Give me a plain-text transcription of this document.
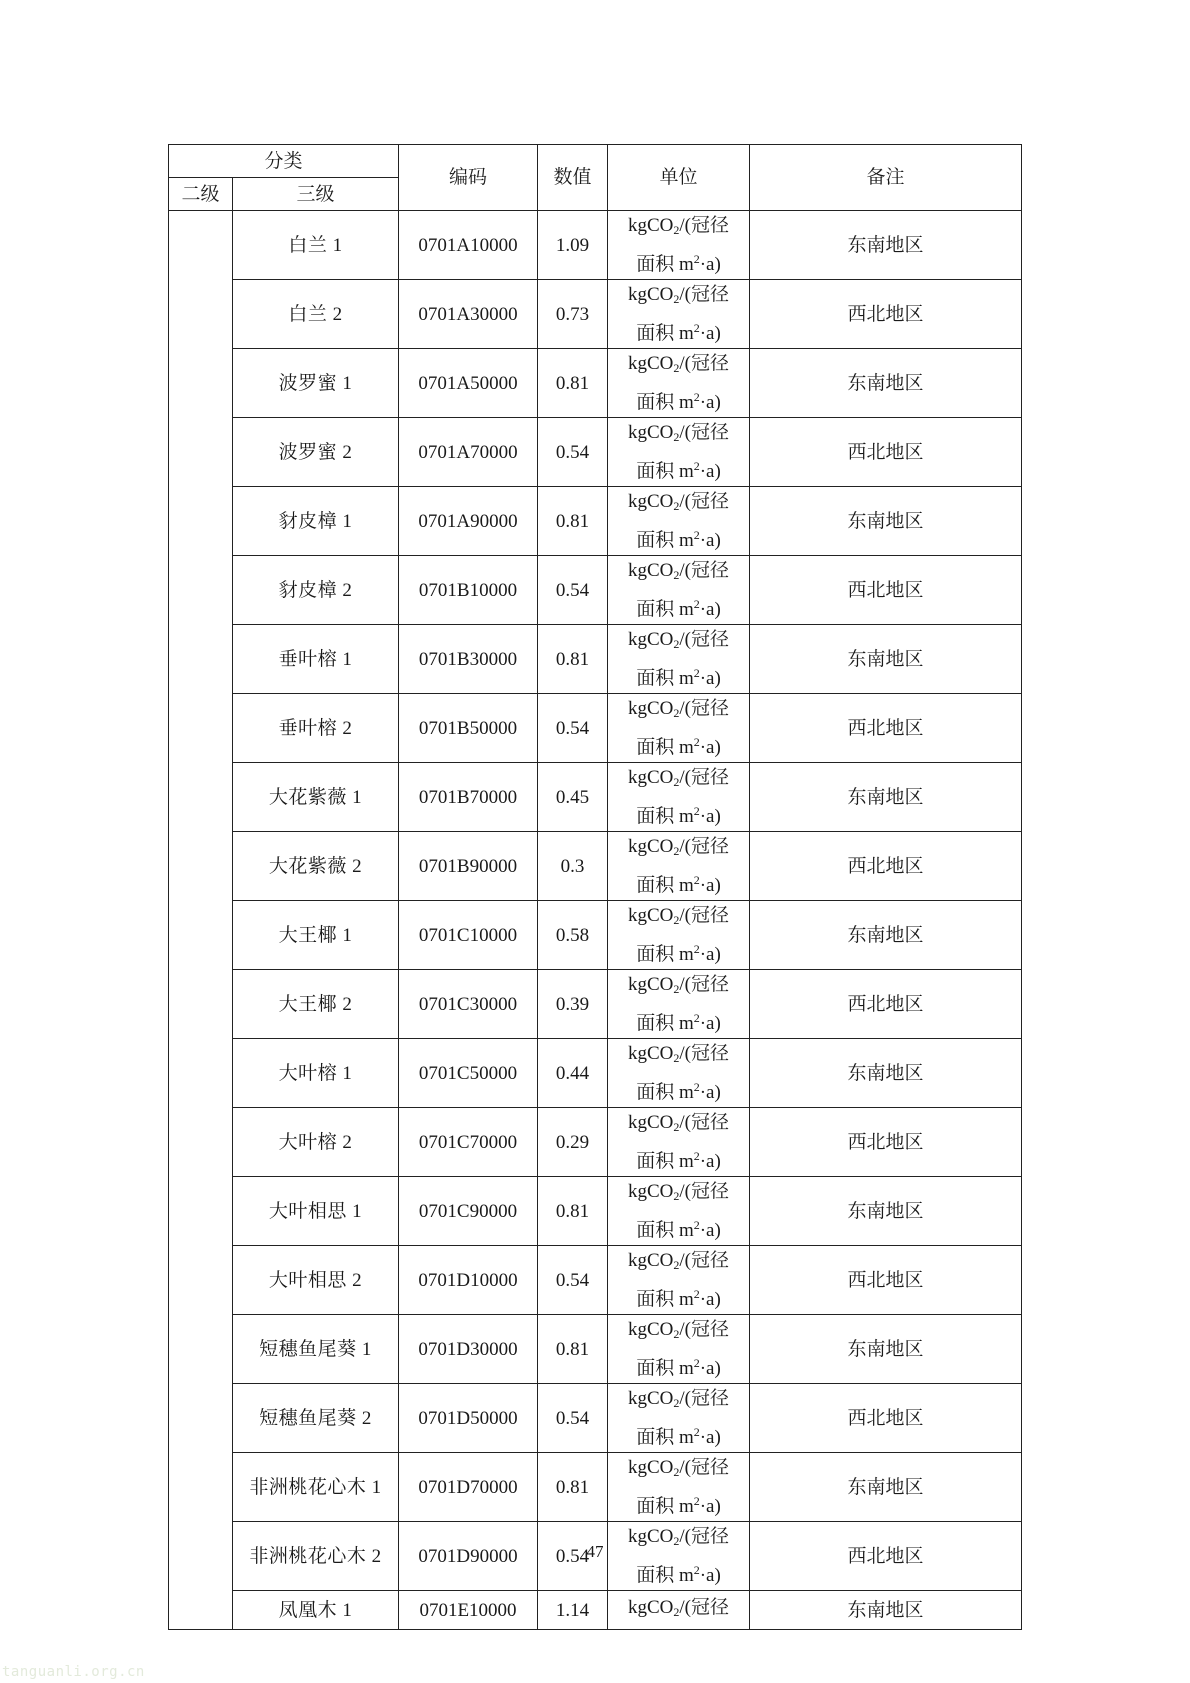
分类		编码	数值	单位	备注
二级	三级				
	白兰 1	0701A10000	1.09	kgCO$_2$/(冠径
面积 $m^2\cdot a$)	东南地区
	白兰 2	0701A30000	0.73	kgCO$_2$/(冠径
面积 $m^2\cdot a$)	西北地区
	波罗蜜 1	0701A50000	0.81	kgCO$_2$/(冠径
面积 $m^2\cdot a$)	东南地区
	波罗蜜 2	0701A70000	0.54	kgCO$_2$/(冠径
面积 $m^2\cdot a$)	西北地区
	豺皮樟 1	0701A90000	0.81	kgCO$_2$/(冠径
面积 $m^2\cdot a$)	东南地区
	豺皮樟 2	0701B10000	0.54	kgCO$_2$/(冠径
面积 $m^2\cdot a$)	西北地区
	垂叶榕 1	0701B30000	0.81	kgCO$_2$/(冠径
面积 $m^2\cdot a$)	东南地区
	垂叶榕 2	0701B50000	0.54	kgCO$_2$/(冠径
面积 $m^2\cdot a$)	西北地区
	大花紫薇 1	0701B70000	0.45	kgCO$_2$/(冠径
面积 $m^2\cdot a$)	东南地区
	大花紫薇 2	0701B90000	0.3	kgCO$_2$/(冠径
面积 $m^2\cdot a$)	西北地区
	大王椰 1	0701C10000	0.58	kgCO$_2$/(冠径
面积 $m^2\cdot a$)	东南地区
	大王椰 2	0701C30000	0.39	kgCO$_2$/(冠径
面积 $m^2\cdot a$)	西北地区
	大叶榕 1	0701C50000	0.44	kgCO$_2$/(冠径
面积 $m^2\cdot a$)	东南地区
	大叶榕 2	0701C70000	0.29	kgCO$_2$/(冠径
面积 $m^2\cdot a$)	西北地区
	大叶相思 1	0701C90000	0.81	kgCO$_2$/(冠径
面积 $m^2\cdot a$)	东南地区
	大叶相思 2	0701D10000	0.54	kgCO$_2$/(冠径
面积 $m^2\cdot a$)	西北地区
	短穗鱼尾葵 1	0701D30000	0.81	kgCO$_2$/(冠径
面积 $m^2\cdot a$)	东南地区
	短穗鱼尾葵 2	0701D50000	0.54	kgCO$_2$/(冠径
面积 $m^2\cdot a$)	西北地区
	非洲桃花心木 1	0701D70000	0.81	kgCO$_2$/(冠径
面积 $m^2\cdot a$)	东南地区
	非洲桃花心木 2	0701D90000	0.54	kgCO$_2$/(冠径
面积 $m^2\cdot a$)	西北地区
	凤凰木 1	0701E10000	1.14	kgCO$_2$/(冠径	东南地区
47
tanguanli.org.cn
